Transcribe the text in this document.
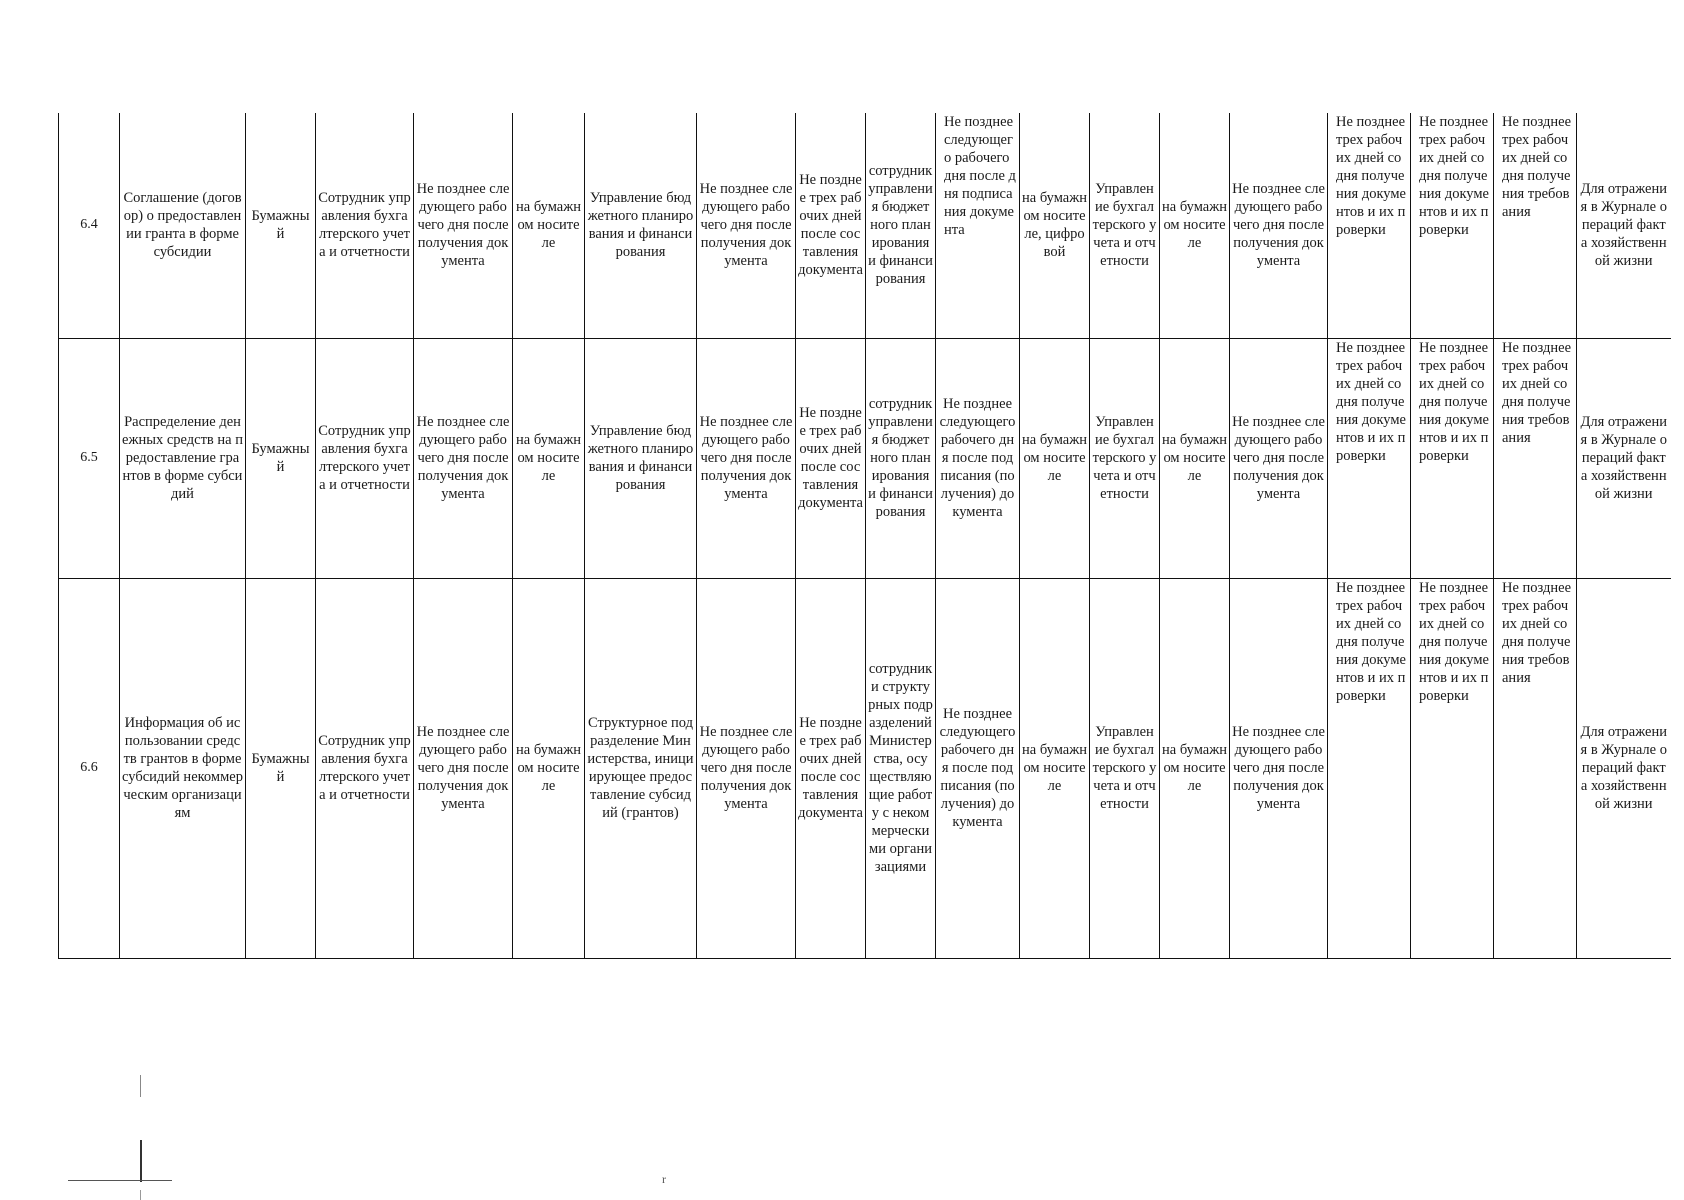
6.4	Соглашение (договор) о предоставлении гранта в форме субсидии	Бумажный	Сотрудник управления бухгалтерского учета и отчетности	Не позднее следующего рабочего дня после получения документа	на бумажном носителе	Управление бюджетного планирования и финансирования	Не позднее следующего рабочего дня после получения документа	Не позднее трех рабочих дней после составления документа	сотрудник управления бюджетного планирования и финансирования	Не позднее следующего рабочего дня после дня подписания документа	на бумажном носителе, цифровой	Управление бухгалтерского учета и отчетности	на бумажном носителе	Не позднее следующего рабочего дня после получения документа	Не позднее трех рабочих дней со дня получения документов и их проверки	Не позднее трех рабочих дней со дня получения документов и их проверки	Не позднее трех рабочих дней со дня получения требования	Для отражения в Журнале операций факта хозяйственной жизни
6.5	Распределение денежных средств на предоставление грантов в форме субсидий	Бумажный	Сотрудник управления бухгалтерского учета и отчетности	Не позднее следующего рабочего дня после получения документа	на бумажном носителе	Управление бюджетного планирования и финансирования	Не позднее следующего рабочего дня после получения документа	Не позднее трех рабочих дней после составления документа	сотрудник управления бюджетного планирования и финансирования	Не позднее следующего рабочего дня после подписания (получения) документа	на бумажном носителе	Управление бухгалтерского учета и отчетности	на бумажном носителе	Не позднее следующего рабочего дня после получения документа	Не позднее трех рабочих дней со дня получения документов и их проверки	Не позднее трех рабочих дней со дня получения документов и их проверки	Не позднее трех рабочих дней со дня получения требования	Для отражения в Журнале операций факта хозяйственной жизни
6.6	Информация об использовании средств грантов в форме субсидий некоммерческим организациям	Бумажный	Сотрудник управления бухгалтерского учета и отчетности	Не позднее следующего рабочего дня после получения документа	на бумажном носителе	Структурное подразделение Министерства, инициирующее предоставление субсидий (грантов)	Не позднее следующего рабочего дня после получения документа	Не позднее трех рабочих дней после составления документа	сотрудники структурных подразделений Министерства, осуществляющие работу с некоммерческими организациями	Не позднее следующего рабочего дня после подписания (получения) документа	на бумажном носителе	Управление бухгалтерского учета и отчетности	на бумажном носителе	Не позднее следующего рабочего дня после получения документа	Не позднее трех рабочих дней со дня получения документов и их проверки	Не позднее трех рабочих дней со дня получения документов и их проверки	Не позднее трех рабочих дней со дня получения требования	Для отражения в Журнале операций факта хозяйственной жизни
r
